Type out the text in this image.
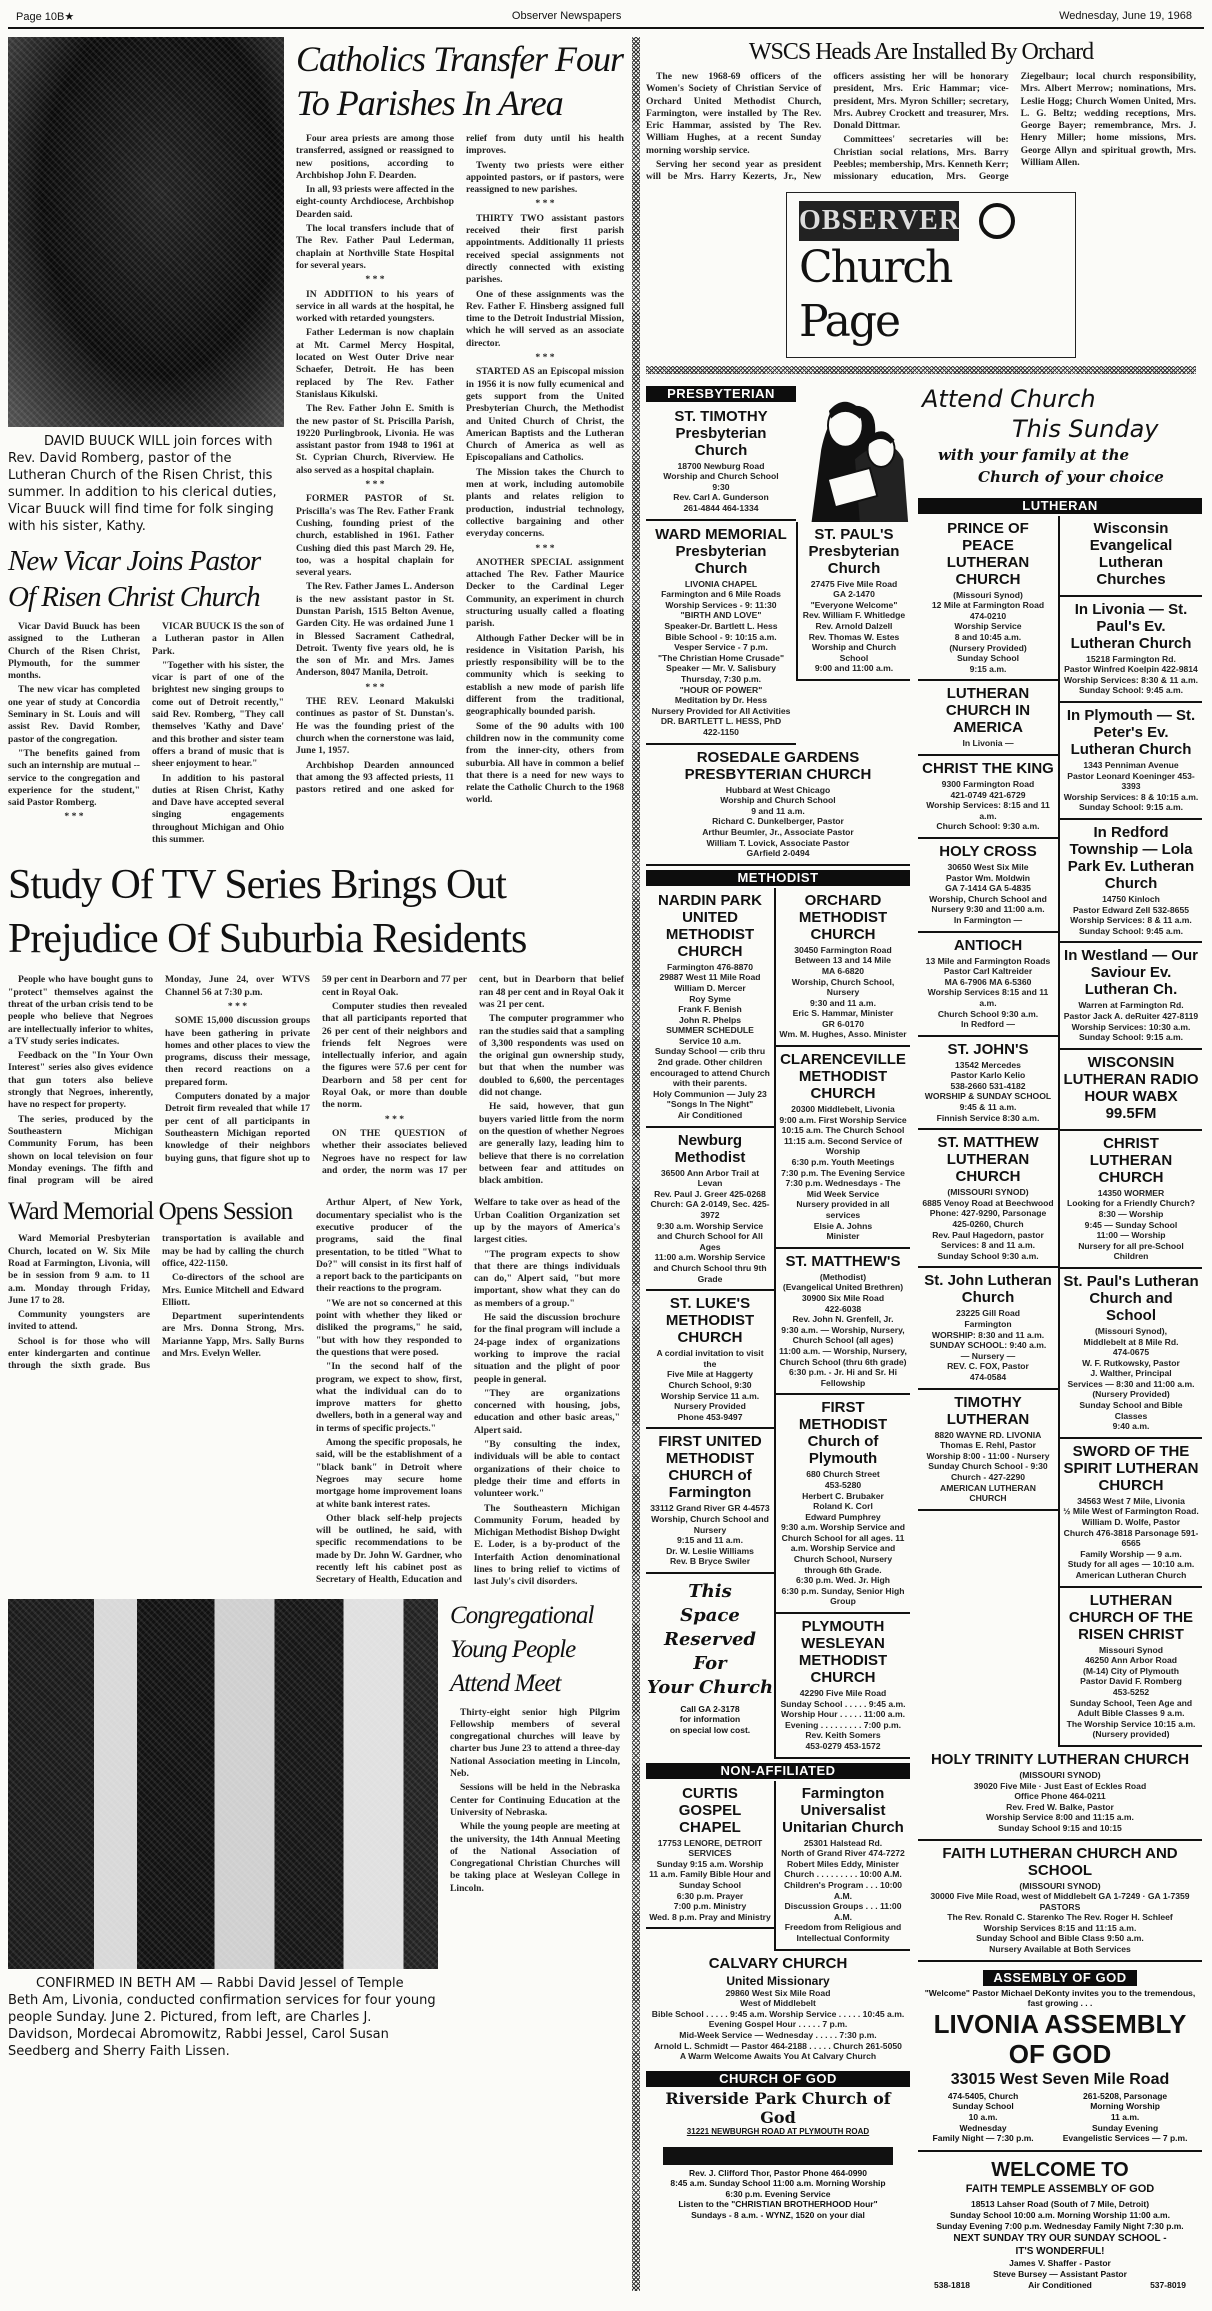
Page 10B★	Observer Newspapers	Wednesday, June 19, 1968
DAVID BUUCK WILL join forces with Rev. David Romberg, pastor of the Lutheran Church of the Risen Christ, this summer. In addition to his clerical duties, Vicar Buuck will find time for folk singing with his sister, Kathy.
New Vicar Joins Pastor
Of Risen Christ Church

Vicar David Buuck has been assigned to the Lutheran Church of the Risen Christ, Plymouth, for the summer months.

The new vicar has completed one year of study at Concordia Seminary in St. Louis and will assist Rev. David Romber, pastor of the congregation.

"The benefits gained from such an internship are mutual --service to the congregation and experience for the student," said Pastor Romberg.

* * *

VICAR BUUCK IS the son of a Lutheran pastor in Allen Park.

"Together with his sister, the vicar is part of one of the brightest new singing groups to come out of Detroit recently," said Rev. Romberg, "They call themselves 'Kathy and Dave' and this brother and sister team offers a brand of music that is sheer enjoyment to hear."

In addition to his pastoral duties at Risen Christ, Kathy and Dave have accepted several singing engagements throughout Michigan and Ohio this summer.

Catholics Transfer Four
To Parishes In Area

Four area priests are among those transferred, assigned or reassigned to new positions, according to Archbishop John F. Dearden.

In all, 93 priests were affected in the eight-county Archdiocese, Archbishop Dearden said.

The local transfers include that of The Rev. Father Paul Lederman, chaplain at Northville State Hospital for several years.

* * *

IN ADDITION to his years of service in all wards at the hospital, he worked with retarded youngsters.

Father Lederman is now chaplain at Mt. Carmel Mercy Hospital, located on West Outer Drive near Schaefer, Detroit. He has been replaced by The Rev. Father Stanislaus Kikulski.

The Rev. Father John E. Smith is the new pastor of St. Priscilla Parish, 19220 Purlingbrook, Livonia. He was assistant pastor from 1948 to 1961 at St. Cyprian Church, Riverview. He also served as a hospital chaplain.

* * *

FORMER PASTOR of St. Priscilla's was The Rev. Father Frank Cushing, founding priest of the church, established in 1961. Father Cushing died this past March 29. He, too, was a hospital chaplain for several years.

The Rev. Father James L. Anderson is the new assistant pastor in St. Dunstan Parish, 1515 Belton Avenue, Garden City. He was ordained June 1 in Blessed Sacrament Cathedral, Detroit. Twenty five years old, he is the son of Mr. and Mrs. James Anderson, 8047 Manila, Detroit.

* * *

THE REV. Leonard Makulski continues as pastor of St. Dunstan's. He was the founding priest of the church when the cornerstone was laid, June 1, 1957.

Archbishop Dearden announced that among the 93 affected priests, 11 pastors retired and one asked for relief from duty until his health improves.

Twenty two priests were either appointed pastors, or if pastors, were reassigned to new parishes.

* * *

THIRTY TWO assistant pastors received their first parish appointments. Additionally 11 priests received special assignments not directly connected with existing parishes.

One of these assignments was the Rev. Father F. Hinsberg assigned full time to the Detroit Industrial Mission, which he will served as an associate director.

* * *

STARTED AS an Episcopal mission in 1956 it is now fully ecumenical and gets support from the United Presbyterian Church, the Methodist and United Church of Christ, the American Baptists and the Lutheran Church of America as well as Episcopalians and Catholics.

The Mission takes the Church to men at work, including automobile plants and relates religion to production, industrial technology, collective bargaining and other everyday concerns.

* * *

ANOTHER SPECIAL assignment attached The Rev. Father Maurice Decker to the Cardinal Leger Community, an experiment in church structuring usually called a floating parish.

Although Father Decker will be in residence in Visitation Parish, his priestly responsibility will be to the community which is seeking to establish a new mode of parish life different from the traditional, geographically bounded parish.

Some of the 90 adults with 100 children now in the community come from the inner-city, others from suburbia. All have in common a belief that there is a need for new ways to relate the Catholic Church to the 1968 world.

Study Of TV Series Brings Out
Prejudice Of Suburbia Residents

People who have bought guns to "protect" themselves against the threat of the urban crisis tend to be people who believe that Negroes are intellectually inferior to whites, a TV study series indicates.

Feedback on the "In Your Own Interest" series also gives evidence that gun toters also believe strongly that Negroes, inherently, have no respect for property.

The series, produced by the Southeastern Michigan Community Forum, has been shown on local television on four Monday evenings. The fifth and final program will be aired Monday, June 24, over WTVS Channel 56 at 7:30 p.m.

* * *

SOME 15,000 discussion groups have been gathering in private homes and other places to view the programs, discuss their message, then record reactions on a prepared form.

Computers donated by a major Detroit firm revealed that while 17 per cent of all participants in Southeastern Michigan reported knowledge of their neighbors buying guns, that figure shot up to 59 per cent in Dearborn and 77 per cent in Royal Oak.

Computer studies then revealed that all participants reported that 26 per cent of their neighbors and friends felt Negroes were intellectually inferior, and again the figures were 57.6 per cent for Dearborn and 58 per cent for Royal Oak, or more than double the norm.

* * *

ON THE QUESTION of whether their associates believed Negroes have no respect for law and order, the norm was 17 per cent, but in Dearborn that belief ran 48 per cent and in Royal Oak it was 21 per cent.

The computer programmer who ran the studies said that a sampling of 3,300 respondents was used on the original gun ownership study, but that when the number was doubled to 6,600, the percentages did not change.

He said, however, that gun buyers varied little from the norm on the question of whether Negroes are generally lazy, leading him to believe that there is no correlation between fear and attitudes on black ambition.

Ward Memorial Opens Session

Ward Memorial Presbyterian Church, located on W. Six Mile Road at Farmington, Livonia, will be in session from 9 a.m. to 11 a.m. Monday through Friday, June 17 to 28.

Community youngsters are invited to attend.

School is for those who will enter kindergarten and continue through the sixth grade. Bus transportation is available and may be had by calling the church office, 422-1150.

Co-directors of the school are Mrs. Eunice Mitchell and Edward Elliott.

Department superintendents are Mrs. Donna Strong, Mrs. Marianne Yapp, Mrs. Sally Burns and Mrs. Evelyn Weller.

Arthur Alpert, of New York, documentary specialist who is the executive producer of the programs, said the final presentation, to be titled "What to Do?" will consist in its first half of a report back to the participants on their reactions to the program.

"We are not so concerned at this point with whether they liked or disliked the programs," he said, "but with how they responded to the questions that were posed.

"In the second half of the program, we expect to show, first, what the individual can do to improve matters for ghetto dwellers, both in a general way and in terms of specific projects."

Among the specific proposals, he said, will be the establishment of a "black bank" in Detroit where Negroes may secure home mortgage home improvement loans at white bank interest rates.

Other black self-help projects will be outlined, he said, with specific recommendations to be made by Dr. John W. Gardner, who recently left his cabinet post as Secretary of Health, Education and Welfare to take over as head of the Urban Coalition Organization set up by the mayors of America's largest cities.

"The program expects to show that there are things individuals can do," Alpert said, "but more important, show what they can do as members of a group."

He said the discussion brochure for the final program will include a 24-page index of organizations working to improve the racial situation and the plight of poor people in general.

"They are organizations concerned with housing, jobs, education and other basic areas," Alpert said.

"By consulting the index, individuals will be able to contact organizations of their choice to pledge their time and efforts in volunteer work."

The Southeastern Michigan Community Forum, headed by Michigan Methodist Bishop Dwight E. Loder, is a by-product of the Interfaith Action denominational lines to bring relief to victims of last July's civil disorders.

CONFIRMED IN BETH AM — Rabbi David Jessel of Temple Beth Am, Livonia, conducted confirmation services for four young people Sunday. June 2. Pictured, from left, are Charles J. Davidson, Mordecai Abromowitz, Rabbi Jessel, Carol Susan Seedberg and Sherry Faith Lissen.
Congregational
Young People
Attend Meet

Thirty-eight senior high Pilgrim Fellowship members of several congregational churches will leave by charter bus June 23 to attend a three-day National Association meeting in Lincoln, Neb.

Sessions will be held in the Nebraska Center for Continuing Education at the University of Nebraska.

While the young people are meeting at the university, the 14th Annual Meeting of the National Association of Congregational Christian Churches will be taking place at Wesleyan College in Lincoln.

WSCS Heads Are Installed By Orchard

The new 1968-69 officers of the Women's Society of Christian Service of Orchard United Methodist Church, Farmington, were installed by The Rev. Eric Hammar, assisted by The Rev. William Hughes, at a recent Sunday morning worship service.

Serving her second year as president will be Mrs. Harry Kezerts, Jr., New officers assisting her will be honorary president, Mrs. Eric Hammar; vice-president, Mrs. Myron Schiller; secretary, Mrs. Aubrey Crockett and treasurer, Mrs. Donald Dittmar.

Committees' secretaries will be: Christian social relations, Mrs. Barry Peebles; membership, Mrs. Kenneth Kerr; missionary education, Mrs. George Ziegelbaur; local church responsibility, Mrs. Albert Merrow; nominations, Mrs. Leslie Hogg; Church Women United, Mrs. L. G. Beltz; wedding receptions, Mrs. George Bayer; remembrance, Mrs. J. Henry Miller; home missions, Mrs. George Allyn and spiritual growth, Mrs. William Allen.

OBSERVER
Church Page
PRESBYTERIAN
ST. TIMOTHY Presbyterian Church
18700 Newburg Road
Worship and Church School
9:30
Rev. Carl A. Gunderson
261-4844 464-1334
WARD MEMORIAL Presbyterian Church
LIVONIA CHAPEL
Farmington and 6 Mile Roads
Worship Services - 9: 11:30
"BIRTH AND LOVE"
Speaker-Dr. Bartlett L. Hess
Bible School - 9: 10:15 a.m.
Vesper Service - 7 p.m.
"The Christian Home Crusade"
Speaker — Mr. V. Salisbury
Thursday, 7:30 p.m.
"HOUR OF POWER"
Meditation by Dr. Hess
Nursery Provided for All Activities
DR. BARTLETT L. HESS, PhD
422-1150
ST. PAUL'S Presbyterian Church
27475 Five Mile Road
GA 2-1470
"Everyone Welcome"
Rev. William F. Whitledge
Rev. Arnold Dalzell
Rev. Thomas W. Estes
Worship and Church School
9:00 and 11:00 a.m.
ROSEDALE GARDENS PRESBYTERIAN CHURCH
Hubbard at West Chicago
Worship and Church School
9 and 11 a.m.
Richard C. Dunkelberger, Pastor
Arthur Beumler, Jr., Associate Pastor
William T. Lovick, Associate Pastor
GArfield 2-0494
METHODIST
NARDIN PARK UNITED METHODIST CHURCH
Farmington 476-8870
29887 West 11 Mile Road
William D. Mercer
Roy Syme
Frank F. Benish
John R. Phelps
SUMMER SCHEDULE
Service 10 a.m.
Sunday School — crib thru 2nd grade. Other children encouraged to attend Church with their parents.
Holy Communion — July 23
"Songs In The Night"
Air Conditioned
Newburg Methodist
36500 Ann Arbor Trail at Levan
Rev. Paul J. Greer 425-0268
Church: GA 2-0149, Sec. 425-3972
9:30 a.m. Worship Service and Church School for All Ages
11:00 a.m. Worship Service and Church School thru 9th Grade
ST. LUKE'S METHODIST CHURCH
A cordial invitation to visit the
Five Mile at Haggerty
Church School, 9:30
Worship Service 11 a.m.
Nursery Provided
Phone 453-9497
FIRST UNITED METHODIST CHURCH of Farmington
33112 Grand River GR 4-4573
Worship, Church School and Nursery
9:15 and 11 a.m.
Dr. W. Leslie Williams
Rev. B Bryce Swiler
This
Space
Reserved
For
Your Church
Call GA 2-3178
for information
on special low cost.
ORCHARD METHODIST CHURCH
30450 Farmington Road
Between 13 and 14 Mile
MA 6-6820
Worship, Church School, Nursery
9:30 and 11 a.m.
Eric S. Hammar, Minister
GR 6-0170
Wm. M. Hughes, Asso. Minister
CLARENCEVILLE METHODIST CHURCH
20300 Middlebelt, Livonia
9:00 a.m. First Worship Service
10:15 a.m. The Church School
11:15 a.m. Second Service of Worship
6:30 p.m. Youth Meetings
7:30 p.m. The Evening Service
7:30 p.m. Wednesdays - The Mid Week Service
Nursery provided in all services
Elsie A. Johns
Minister
ST. MATTHEW'S
(Methodist)
(Evangelical United Brethren)
30900 Six Mile Road
422-6038
Rev. John N. Grenfell, Jr.
9:30 a.m. — Worship, Nursery, Church School (all ages)
11:00 a.m. — Worship, Nursery, Church School (thru 6th grade)
6:30 p.m. - Jr. Hi and Sr. Hi Fellowship
FIRST METHODIST Church of Plymouth
680 Church Street
453-5280
Herbert C. Brubaker
Roland K. Corl
Edward Pumphrey
9:30 a.m. Worship Service and Church School for all ages. 11 a.m. Worship Service and Church School, Nursery through 6th Grade.
6:30 p.m. Wed. Jr. High
6:30 p.m. Sunday, Senior High Group
PLYMOUTH WESLEYAN METHODIST CHURCH
42290 Five Mile Road
Sunday School . . . . . 9:45 a.m.
Worship Hour . . . . . 11:00 a.m.
Evening . . . . . . . . . 7:00 p.m.
Rev. Keith Somers
453-0279 453-1572
NON-AFFILIATED
CURTIS GOSPEL CHAPEL
17753 LENORE, DETROIT
SERVICES
Sunday 9:15 a.m. Worship
11 a.m. Family Bible Hour and Sunday School
6:30 p.m. Prayer
7:00 p.m. Ministry
Wed. 8 p.m. Pray and Ministry
Farmington Universalist Unitarian Church
25301 Halstead Rd.
North of Grand River 474-7272
Robert Miles Eddy, Minister
Church . . . . . . . . . 10:00 A.M.
Children's Program . . . 10:00 A.M.
Discussion Groups . . . 11:00 A.M.
Freedom from Religious and Intellectual Conformity
CALVARY CHURCH
United Missionary
29860 West Six Mile Road
West of Middlebelt
Bible School . . . . . 9:45 a.m. Worship Service . . . . . 10:45 a.m.
Evening Gospel Hour . . . . . 7 p.m.
Mid-Week Service — Wednesday . . . . . 7:30 p.m.
Arnold L. Schmidt — Pastor 464-2188 . . . . . Church 261-5050
A Warm Welcome Awaits You At Calvary Church
CHURCH OF GOD
Riverside Park Church of God
31221 NEWBURGH ROAD AT PLYMOUTH ROAD
Rev. J. Clifford Thor, Pastor Phone 464-0990
8:45 a.m. Sunday School 11:00 a.m. Morning Worship
6:30 p.m. Evening Service
Listen to the "CHRISTIAN BROTHERHOOD Hour"
Sundays - 8 a.m. - WYNZ, 1520 on your dial
Attend Church
This Sunday
with your family at the
Church of your choice
LUTHERAN
PRINCE OF PEACE LUTHERAN CHURCH
(Missouri Synod)
12 Mile at Farmington Road
474-0210
Worship Service
8 and 10:45 a.m.
(Nursery Provided)
Sunday School
9:15 a.m.
LUTHERAN CHURCH IN AMERICA
In Livonia —
CHRIST THE KING
9300 Farmington Road
421-0749 421-6729
Worship Services: 8:15 and 11 a.m.
Church School: 9:30 a.m.
HOLY CROSS
30650 West Six Mile
Pastor Wm. Moldwin
GA 7-1414 GA 5-4835
Worship, Church School and Nursery 9:30 and 11:00 a.m.
In Farmington —
ANTIOCH
13 Mile and Farmington Roads
Pastor Carl Kaltreider
MA 6-7906 MA 6-5360
Worship Services 8:15 and 11 a.m.
Church School 9:30 a.m.
In Redford —
ST. JOHN'S
13542 Mercedes
Pastor Karlo Kelio
538-2660 531-4182
WORSHIP & SUNDAY SCHOOL
9:45 & 11 a.m.
Finnish Service 8:30 a.m.
ST. MATTHEW LUTHERAN CHURCH
(MISSOURI SYNOD)
6885 Venoy Road at Beechwood
Phone: 427-9290, Parsonage
425-0260, Church
Rev. Paul Hagedorn, pastor
Services: 8 and 11 a.m.
Sunday School 9:30 a.m.
St. John Lutheran Church
23225 Gill Road
Farmington
WORSHIP: 8:30 and 11 a.m.
SUNDAY SCHOOL: 9:40 a.m.
— Nursery —
REV. C. FOX, Pastor
474-0584
TIMOTHY LUTHERAN
8820 WAYNE RD. LIVONIA
Thomas E. Rehl, Pastor
Worship 8:00 - 11:00 - Nursery
Sunday Church School - 9:30
Church - 427-2290
AMERICAN LUTHERAN CHURCH
Wisconsin Evangelical Lutheran Churches
In Livonia — St. Paul's Ev. Lutheran Church
15218 Farmington Rd.
Pastor Winfred Koelpin 422-9814
Worship Services: 8:30 & 11 a.m.
Sunday School: 9:45 a.m.
In Plymouth — St. Peter's Ev. Lutheran Church
1343 Penniman Avenue
Pastor Leonard Koeninger 453-3393
Worship Services: 8 & 10:15 a.m.
Sunday School: 9:15 a.m.
In Redford Township — Lola Park Ev. Lutheran Church
14750 Kinloch
Pastor Edward Zell 532-8655
Worship Services: 8 & 11 a.m.
Sunday School: 9:45 a.m.
In Westland — Our Saviour Ev. Lutheran Ch.
Warren at Farmington Rd.
Pastor Jack A. deRuiter 427-8119
Worship Services: 10:30 a.m.
Sunday School: 9:15 a.m.
WISCONSIN LUTHERAN RADIO HOUR WABX 99.5FM
CHRIST LUTHERAN CHURCH
14350 WORMER
Looking for a Friendly Church?
8:30 — Worship
9:45 — Sunday School
11:00 — Worship
Nursery for all pre-School Children
St. Paul's Lutheran Church and School
(Missouri Synod),
Middlebelt at 8 Mile Rd.
474-0675
W. F. Rutkowsky, Pastor
J. Walther, Principal
Services — 8:30 and 11:00 a.m.
(Nursery Provided)
Sunday School and Bible Classes
9:40 a.m.
SWORD OF THE SPIRIT LUTHERAN CHURCH
34563 West 7 Mile, Livonia
½ Mile West of Farmington Road.
William D. Wolfe, Pastor
Church 476-3818 Parsonage 591-6565
Family Worship — 9 a.m.
Study for all ages — 10:10 a.m.
American Lutheran Church
LUTHERAN CHURCH OF THE RISEN CHRIST
Missouri Synod
46250 Ann Arbor Road
(M-14) City of Plymouth
Pastor David F. Romberg
453-5252
Sunday School, Teen Age and Adult Bible Classes 9 a.m.
The Worship Service 10:15 a.m.
(Nursery provided)
HOLY TRINITY LUTHERAN CHURCH
(MISSOURI SYNOD)
39020 Five Mile · Just East of Eckles Road
Office Phone 464-0211
Rev. Fred W. Balke, Pastor
Worship Service 8:00 and 11:15 a.m.
Sunday School 9:15 and 10:15
FAITH LUTHERAN CHURCH AND SCHOOL
(MISSOURI SYNOD)
30000 Five Mile Road, west of Middlebelt GA 1-7249 · GA 1-7359
PASTORS
The Rev. Ronald C. Starenko The Rev. Roger H. Schleef
Worship Services 8:15 and 11:15 a.m.
Sunday School and Bible Class 9:50 a.m.
Nursery Available at Both Services
ASSEMBLY OF GOD
"Welcome" Pastor Michael DeKonty invites you to the tremendous, fast growing . . .
LIVONIA ASSEMBLY
OF GOD
33015 West Seven Mile Road
474-5405, Church
Sunday School
10 a.m.
Wednesday
Family Night — 7:30 p.m.
261-5208, Parsonage
Morning Worship
11 a.m.
Sunday Evening
Evangelistic Services — 7 p.m.
WELCOME TO
FAITH TEMPLE ASSEMBLY OF GOD
18513 Lahser Road (South of 7 Mile, Detroit)
Sunday School 10:00 a.m. Morning Worship 11:00 a.m.
Sunday Evening 7:00 p.m. Wednesday Family Night 7:30 p.m.
NEXT SUNDAY TRY OUR SUNDAY SCHOOL -
IT'S WONDERFUL!
James V. Shaffer - Pastor
Steve Bursey — Assistant Pastor
538-1818	Air Conditioned	537-8019
